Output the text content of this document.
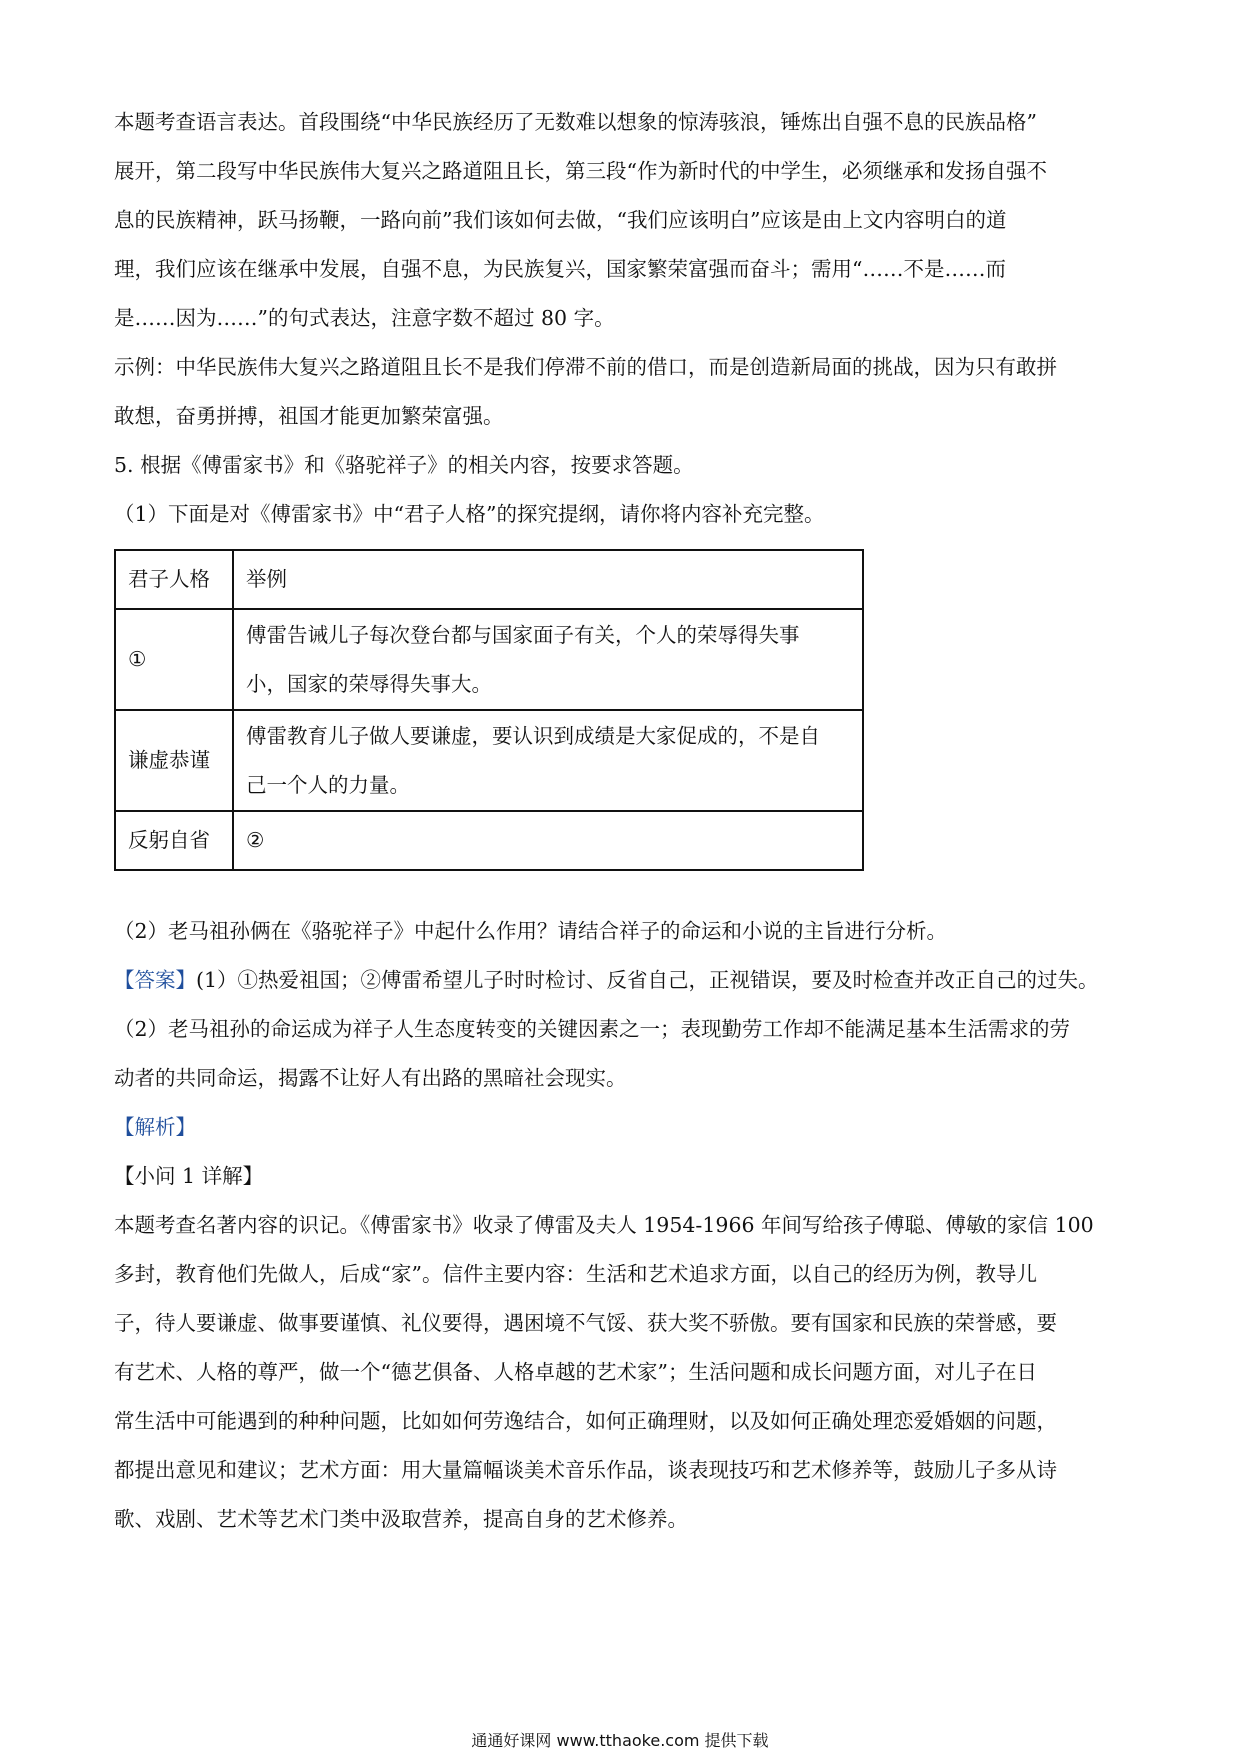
本题考查语言表达。首段围绕“中华民族经历了无数难以想象的惊涛骇浪，锤炼出自强不息的民族品格”

展开，第二段写中华民族伟大复兴之路道阻且长，第三段“作为新时代的中学生，必须继承和发扬自强不

息的民族精神，跃马扬鞭，一路向前”我们该如何去做，“我们应该明白”应该是由上文内容明白的道

理，我们应该在继承中发展，自强不息，为民族复兴，国家繁荣富强而奋斗；需用“……不是……而

是……因为……”的句式表达，注意字数不超过 80 字。

示例：中华民族伟大复兴之路道阻且长不是我们停滞不前的借口，而是创造新局面的挑战，因为只有敢拼

敢想，奋勇拼搏，祖国才能更加繁荣富强。

5. 根据《傅雷家书》和《骆驼祥子》的相关内容，按要求答题。

（1）下面是对《傅雷家书》中“君子人格”的探究提纲，请你将内容补充完整。

君子人格	举例
①	傅雷告诫儿子每次登台都与国家面子有关，个人的荣辱得失事
小，国家的荣辱得失事大。

谦虚恭谨	傅雷教育儿子做人要谦虚，要认识到成绩是大家促成的，不是自
己一个人的力量。

反躬自省	②

（2）老马祖孙俩在《骆驼祥子》中起什么作用？请结合祥子的命运和小说的主旨进行分析。

【答案】(1）①热爱祖国；②傅雷希望儿子时时检讨、反省自己，正视错误，要及时检查并改正自己的过失。

（2）老马祖孙的命运成为祥子人生态度转变的关键因素之一；表现勤劳工作却不能满足基本生活需求的劳

动者的共同命运，揭露不让好人有出路的黑暗社会现实。

【解析】

【小问 1 详解】

本题考查名著内容的识记。《傅雷家书》收录了傅雷及夫人 1954-1966 年间写给孩子傅聪、傅敏的家信 100

多封，教育他们先做人，后成“家”。信件主要内容：生活和艺术追求方面，以自己的经历为例，教导儿

子，待人要谦虚、做事要谨慎、礼仪要得，遇困境不气馁、获大奖不骄傲。要有国家和民族的荣誉感，要

有艺术、人格的尊严，做一个“德艺俱备、人格卓越的艺术家”；生活问题和成长问题方面，对儿子在日

常生活中可能遇到的种种问题，比如如何劳逸结合，如何正确理财，以及如何正确处理恋爱婚姻的问题，

都提出意见和建议；艺术方面：用大量篇幅谈美术音乐作品，谈表现技巧和艺术修养等，鼓励儿子多从诗

歌、戏剧、艺术等艺术门类中汲取营养，提高自身的艺术修养。

通通好课网 www.tthaoke.com 提供下载
